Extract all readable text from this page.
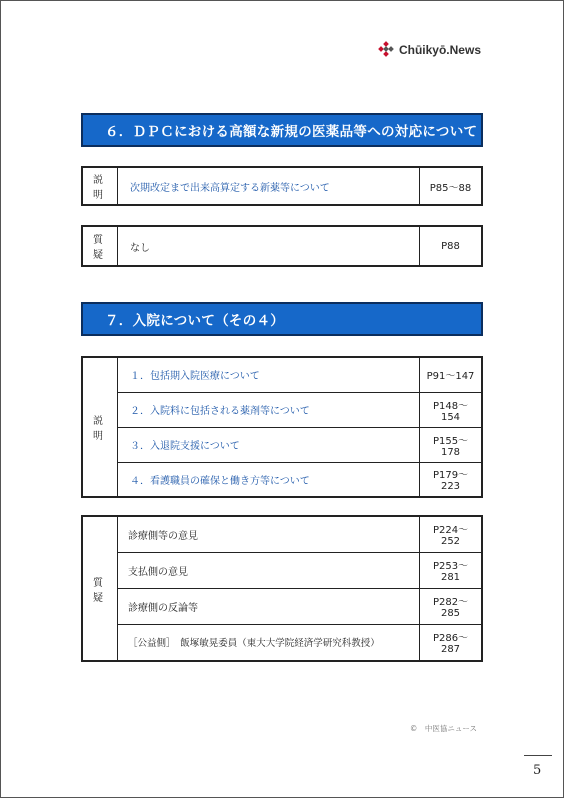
Chūikyō.News
６．ＤＰＣにおける高額な新規の医薬品等への対応について
説 明	次期改定まで出来高算定する新薬等について	P85～88
質 疑	なし	P88
７．入院について（その４）
説 明	１．包括期入院医療について	P91～147
	２．入院料に包括される薬剤等について	P148～154
	３．入退院支援について	P155～178
	４．看護職員の確保と働き方等について	P179～223
質 疑	診療側等の意見	P224～252
	支払側の意見	P253～281
	診療側の反論等	P282～285
	［公益側］　飯塚敏晃委員（東大大学院経済学研究科教授）	P286～287
©　中医協ニュース
5
